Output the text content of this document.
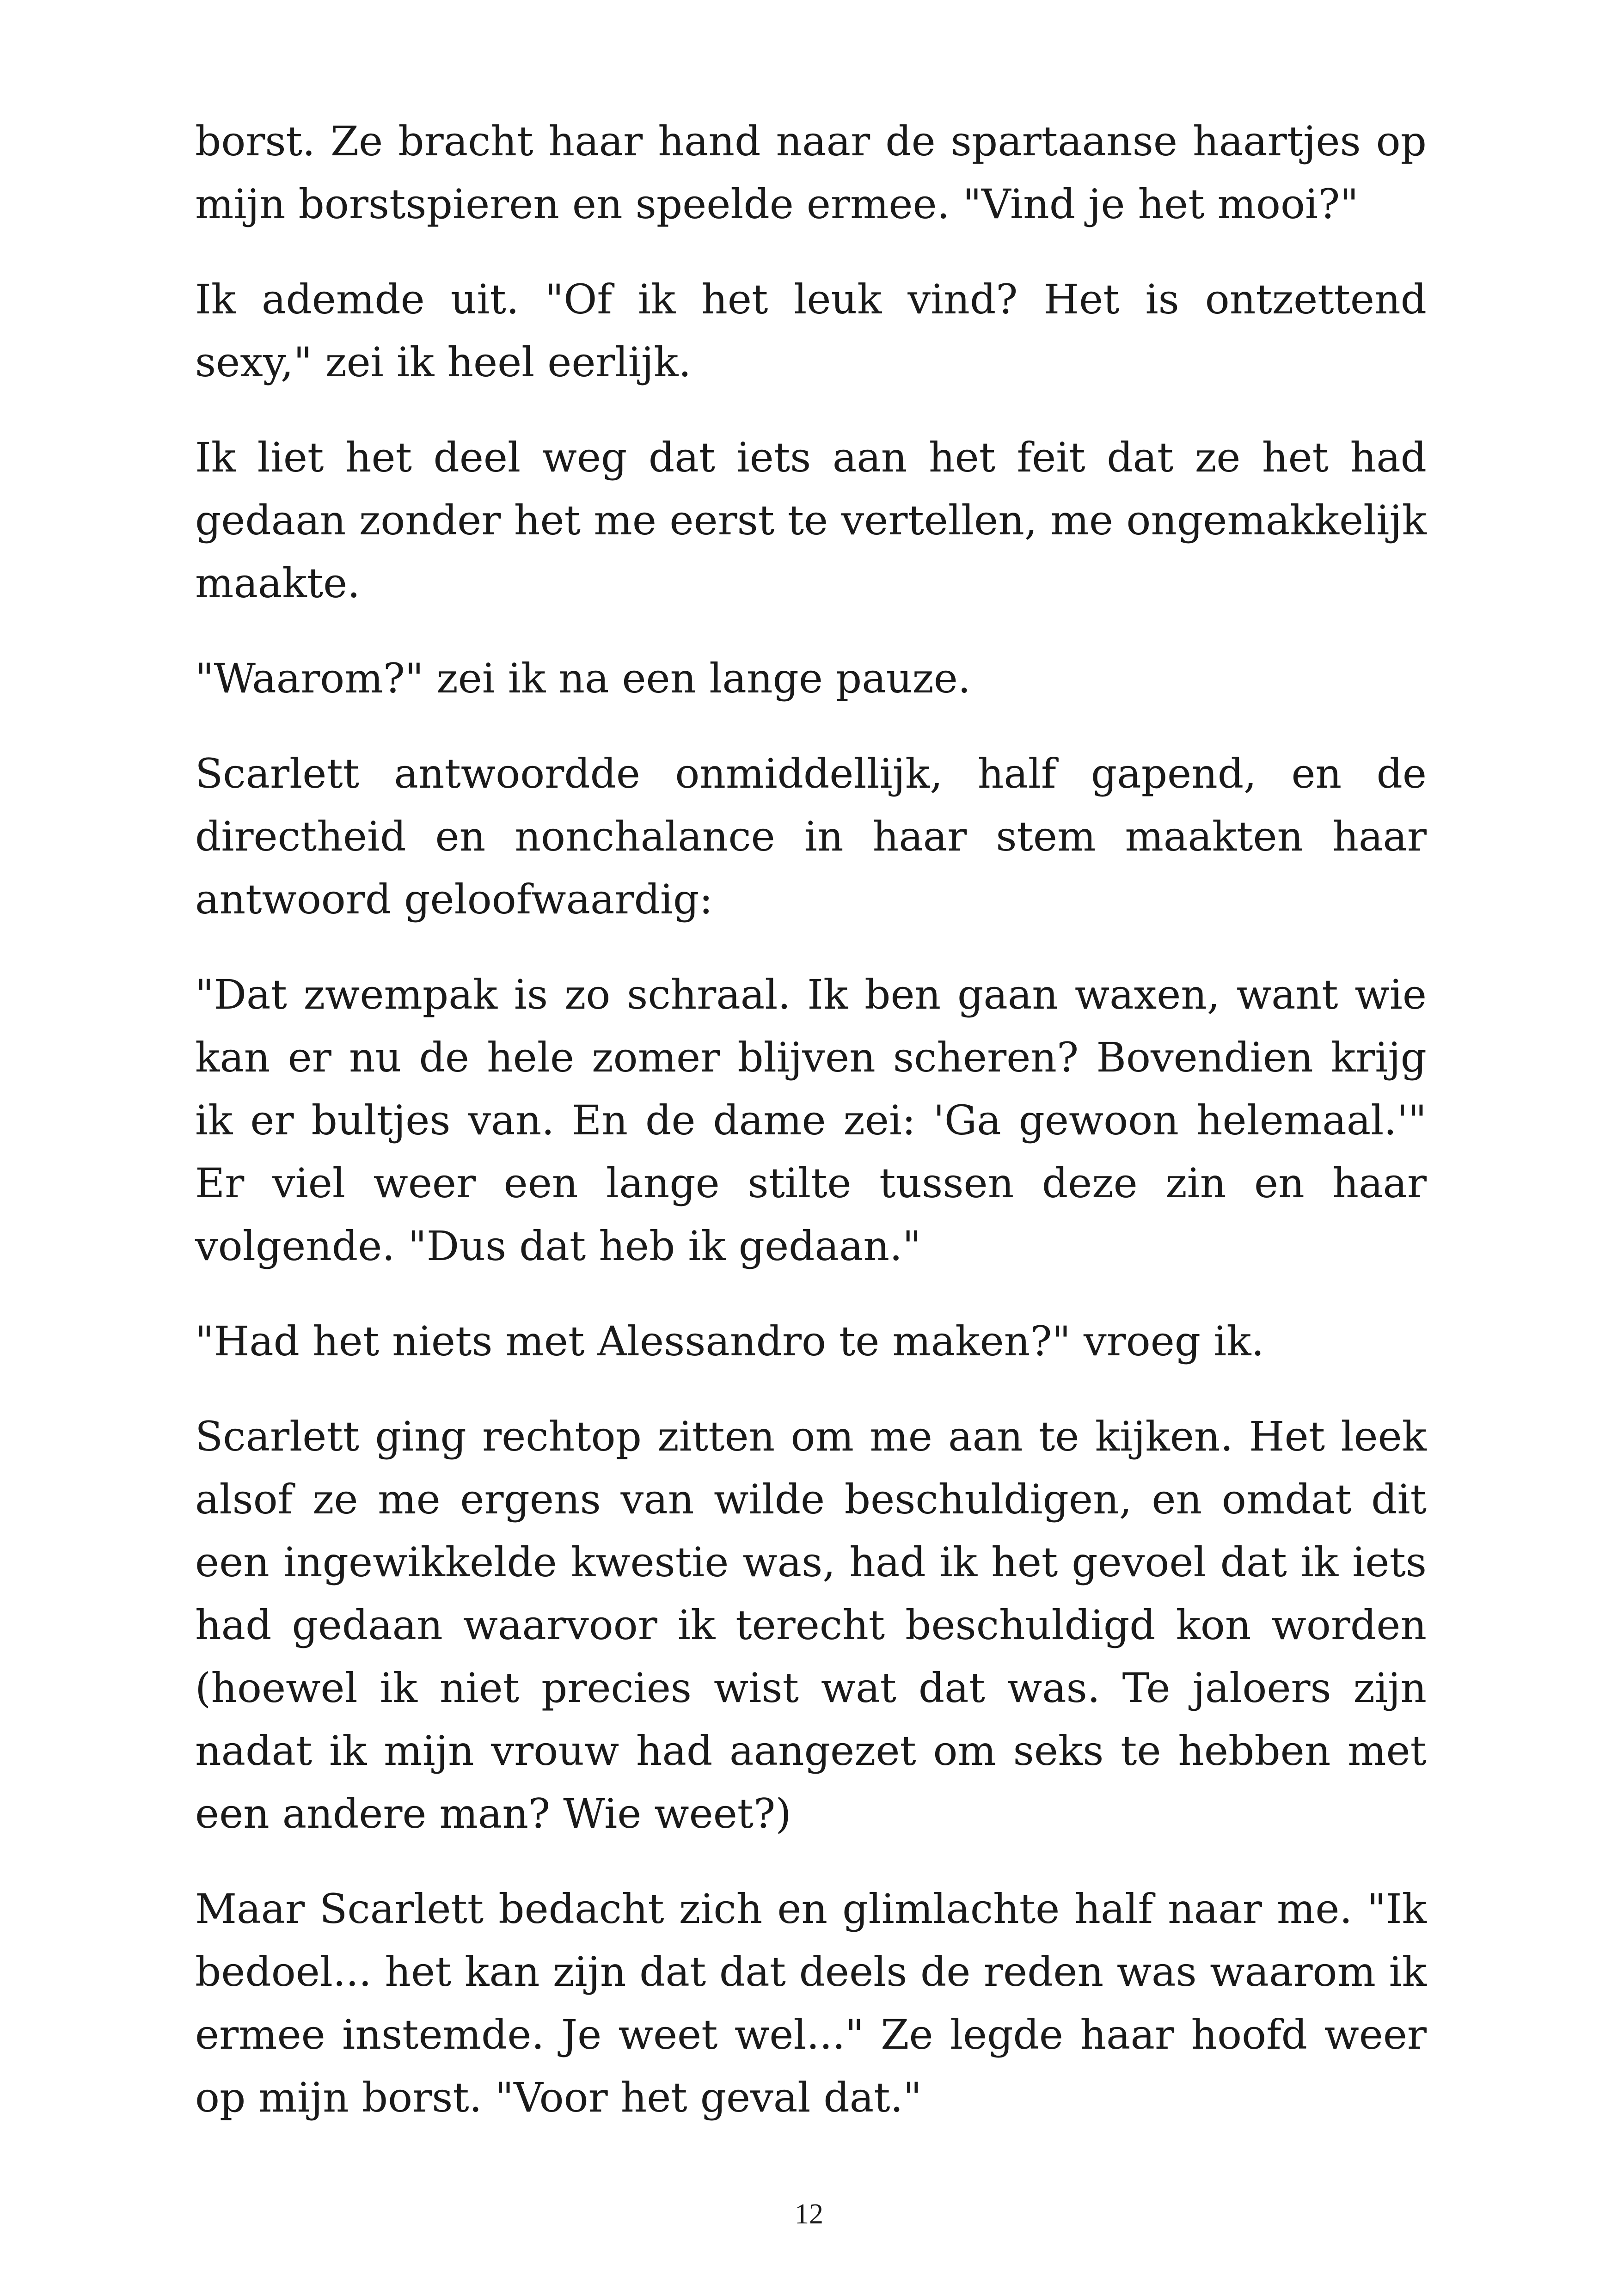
borst. Ze bracht haar hand naar de spartaanse haartjes op mijn borstspieren en speelde ermee. "Vind je het mooi?"

Ik ademde uit. "Of ik het leuk vind? Het is ontzettend sexy," zei ik heel eerlijk.

Ik liet het deel weg dat iets aan het feit dat ze het had gedaan zonder het me eerst te vertellen, me ongemakkelijk maakte.

"Waarom?" zei ik na een lange pauze.

Scarlett antwoordde onmiddellijk, half gapend, en de directheid en nonchalance in haar stem maakten haar antwoord geloofwaardig:

"Dat zwempak is zo schraal. Ik ben gaan waxen, want wie kan er nu de hele zomer blijven scheren? Bovendien krijg ik er bultjes van. En de dame zei: 'Ga gewoon helemaal.'" Er viel weer een lange stilte tussen deze zin en haar volgende. "Dus dat heb ik gedaan."

"Had het niets met Alessandro te maken?" vroeg ik.

Scarlett ging rechtop zitten om me aan te kijken. Het leek alsof ze me ergens van wilde beschuldigen, en omdat dit een ingewikkelde kwestie was, had ik het gevoel dat ik iets had gedaan waarvoor ik terecht beschuldigd kon worden (hoewel ik niet precies wist wat dat was. Te jaloers zijn nadat ik mijn vrouw had aangezet om seks te hebben met een andere man? Wie weet?)

Maar Scarlett bedacht zich en glimlachte half naar me. "Ik bedoel... het kan zijn dat dat deels de reden was waarom ik ermee instemde. Je weet wel..." Ze legde haar hoofd weer op mijn borst. "Voor het geval dat."

12
